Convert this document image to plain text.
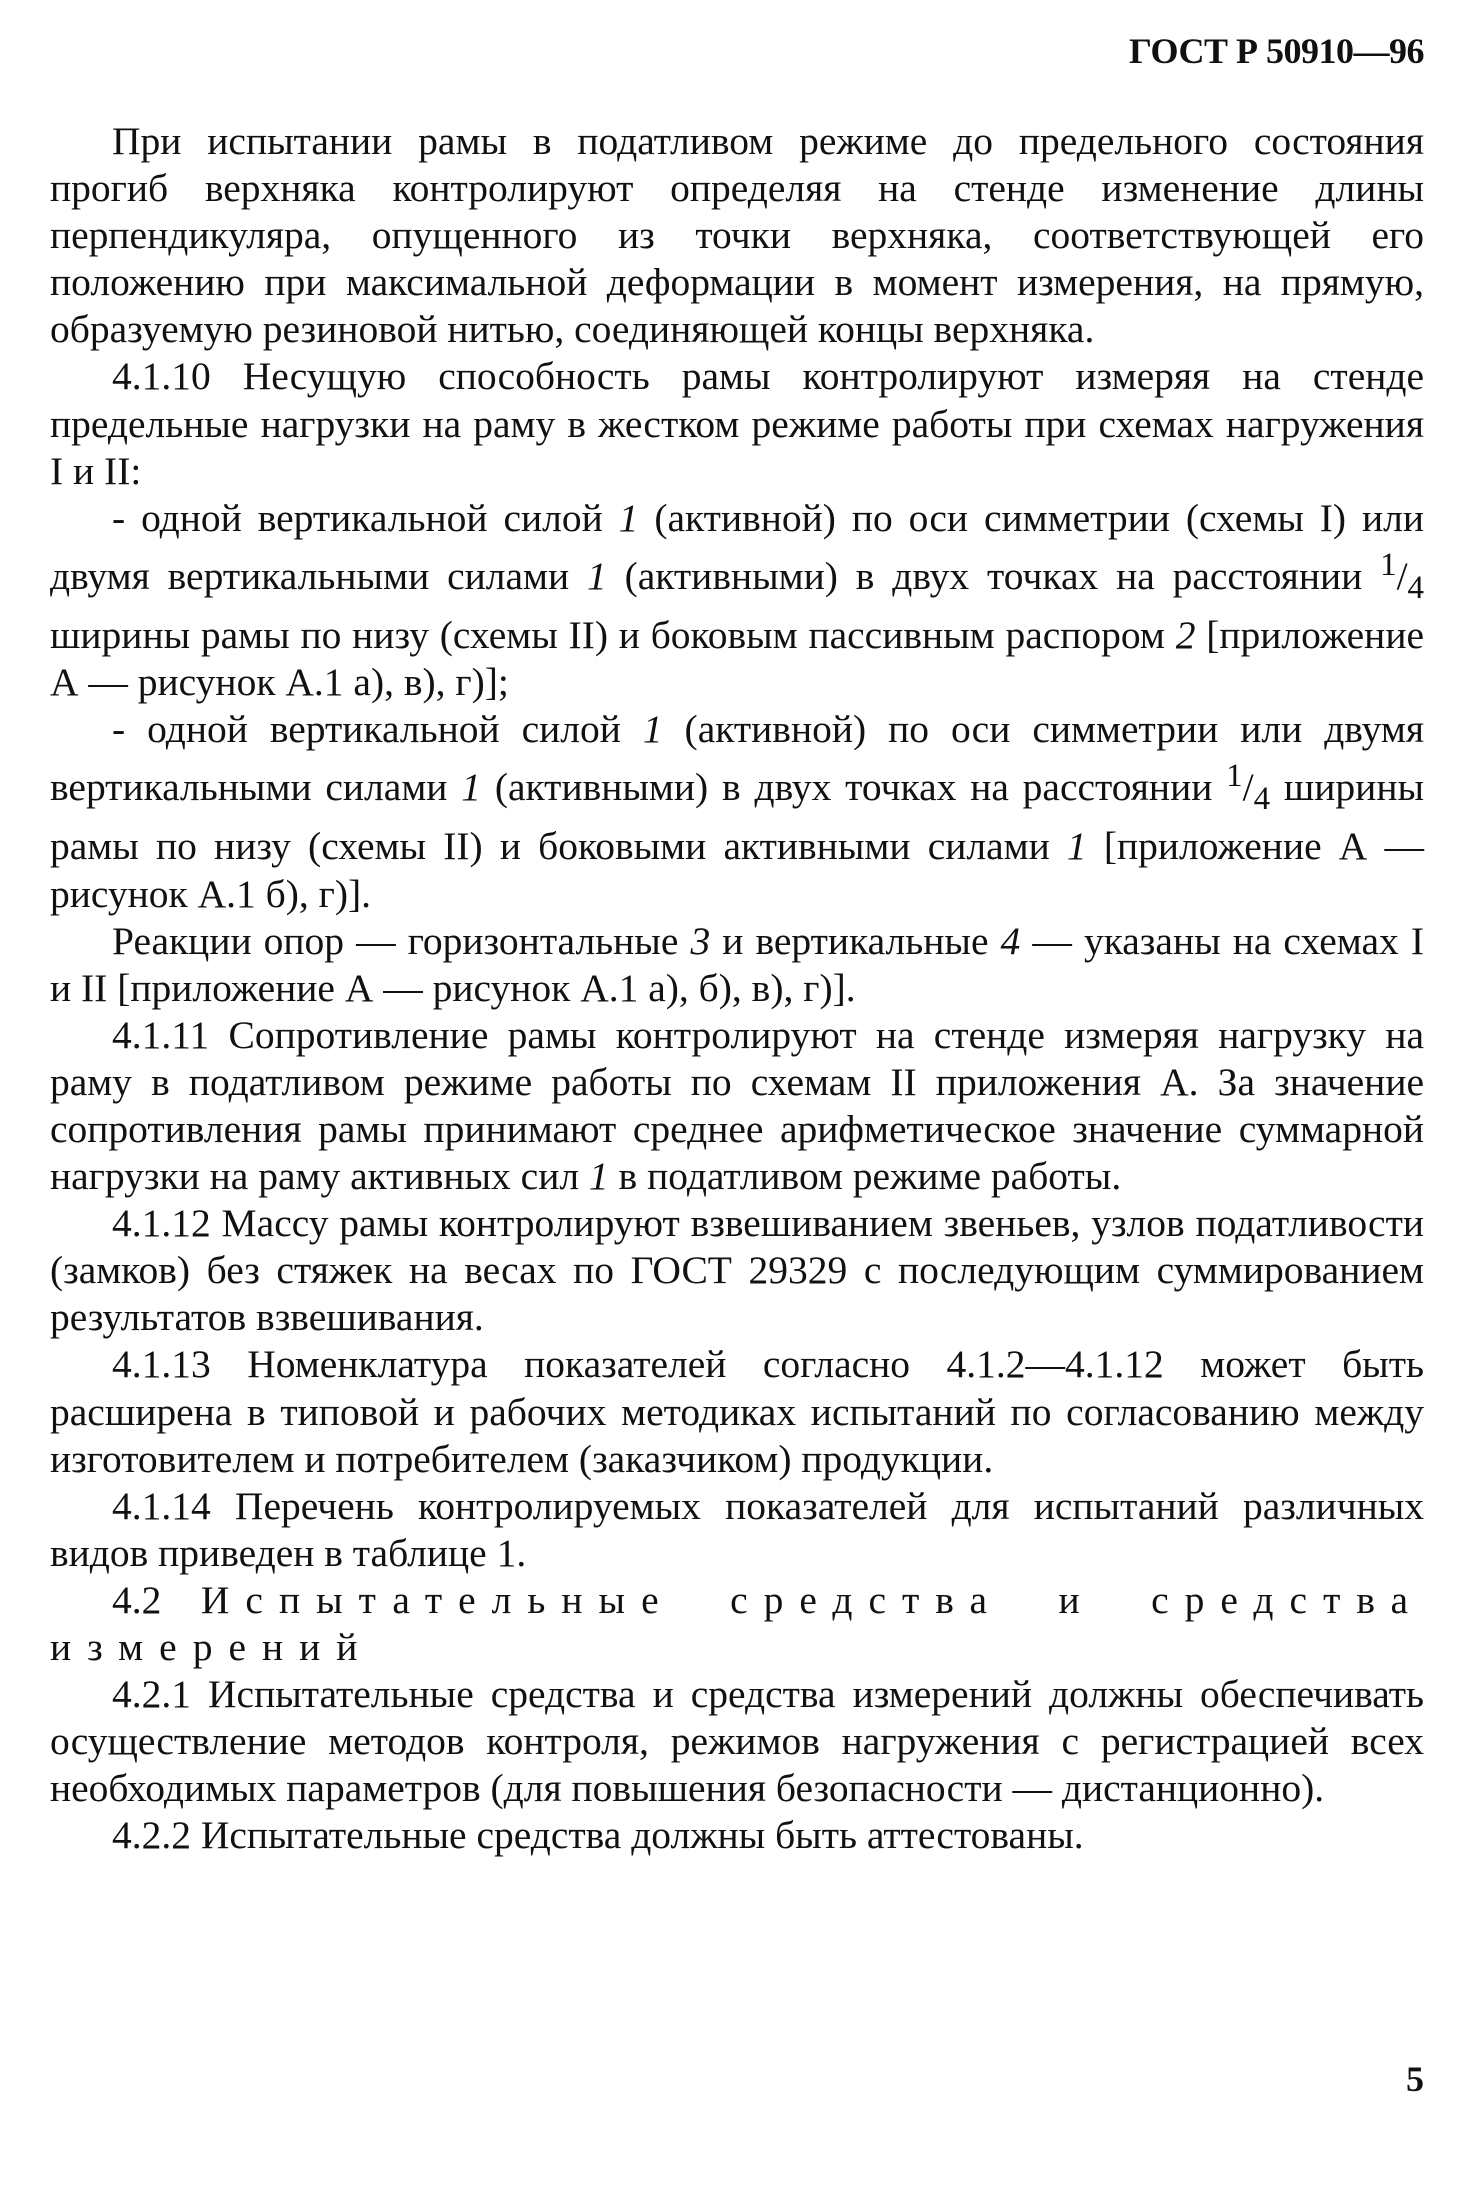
ГОСТ Р 50910—96

При испытании рамы в податливом режиме до предельного состояния прогиб верхняка контролируют определяя на стенде изменение длины перпендикуляра, опущенного из точки верхняка, соответствующей его положению при максимальной деформации в момент измерения, на прямую, образуемую резиновой нитью, соединяющей концы верхняка.

4.1.10 Несущую способность рамы контролируют измеряя на стенде предельные нагрузки на раму в жестком режиме работы при схемах нагружения I и II:

- одной вертикальной силой 1 (активной) по оси симметрии (схемы I) или двумя вертикальными силами 1 (активными) в двух точках на расстоянии $^1/_4$ ширины рамы по низу (схемы II) и боковым пассивным распором 2 [приложение А — рисунок А.1 а), в), г)];

- одной вертикальной силой 1 (активной) по оси симметрии или двумя вертикальными силами 1 (активными) в двух точках на расстоянии $^1/_4$ ширины рамы по низу (схемы II) и боковыми активными силами 1 [приложение А — рисунок А.1 б), г)].

Реакции опор — горизонтальные 3 и вертикальные 4 — указаны на схемах I и II [приложение А — рисунок А.1 а), б), в), г)].

4.1.11 Сопротивление рамы контролируют на стенде измеряя нагрузку на раму в податливом режиме работы по схемам II приложения А. За значение сопротивления рамы принимают среднее арифметическое значение суммарной нагрузки на раму активных сил 1 в податливом режиме работы.

4.1.12 Массу рамы контролируют взвешиванием звеньев, узлов податливости (замков) без стяжек на весах по ГОСТ 29329 с последующим суммированием результатов взвешивания.

4.1.13 Номенклатура показателей согласно 4.1.2—4.1.12 может быть расширена в типовой и рабочих методиках испытаний по согласованию между изготовителем и потребителем (заказчиком) продукции.

4.1.14 Перечень контролируемых показателей для испытаний различных видов приведен в таблице 1.

4.2 Испытательные средства и средства измерений

4.2.1 Испытательные средства и средства измерений должны обеспечивать осуществление методов контроля, режимов нагружения с регистрацией всех необходимых параметров (для повышения безопасности — дистанционно).

4.2.2 Испытательные средства должны быть аттестованы.

5
